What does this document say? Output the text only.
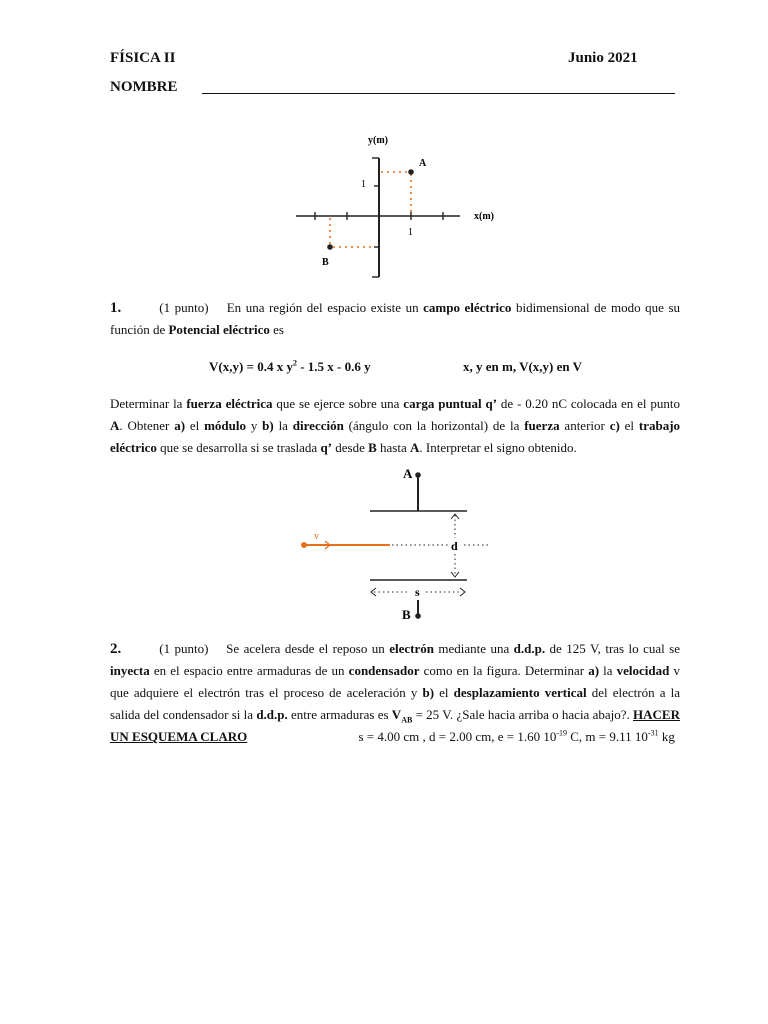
FÍSICA II	Junio 2021
NOMBRE
y(m)
x(m)
1
1
A
B
1.	(1 punto) En una región del espacio existe un campo eléctrico bidimensional de modo que su función de Potencial eléctrico es
V(x,y) = 0.4 x $y^2 - 1.5$ x - 0.6 y	x, y en m, V(x,y) en V
Determinar la fuerza eléctrica que se ejerce sobre una carga puntual q’ de - 0.20 nC colocada en el punto A. Obtener a) el módulo y b) la dirección (ángulo con la horizontal) de la fuerza anterior c) el trabajo eléctrico que se desarrolla si se traslada q’ desde B hasta A. Interpretar el signo obtenido.
A
d
v
s
B
2.	(1 punto) Se acelera desde el reposo un electrón mediante una d.d.p. de 125 V, tras lo cual se inyecta en el espacio entre armaduras de un condensador como en la figura. Determinar a) la velocidad v que adquiere el electrón tras el proceso de aceleración y b) el desplazamiento vertical del electrón a la salida del condensador si la d.d.p. entre armaduras es $V_{AB} = 25$ V. ¿Sale hacia arriba o hacia abajo?. HACER UN ESQUEMA CLARO	s = 4.00 cm , d = 2.00 cm, e = 1.60 $10^{-19}$ C, m = 9.11 $10^{-31}$ kg
